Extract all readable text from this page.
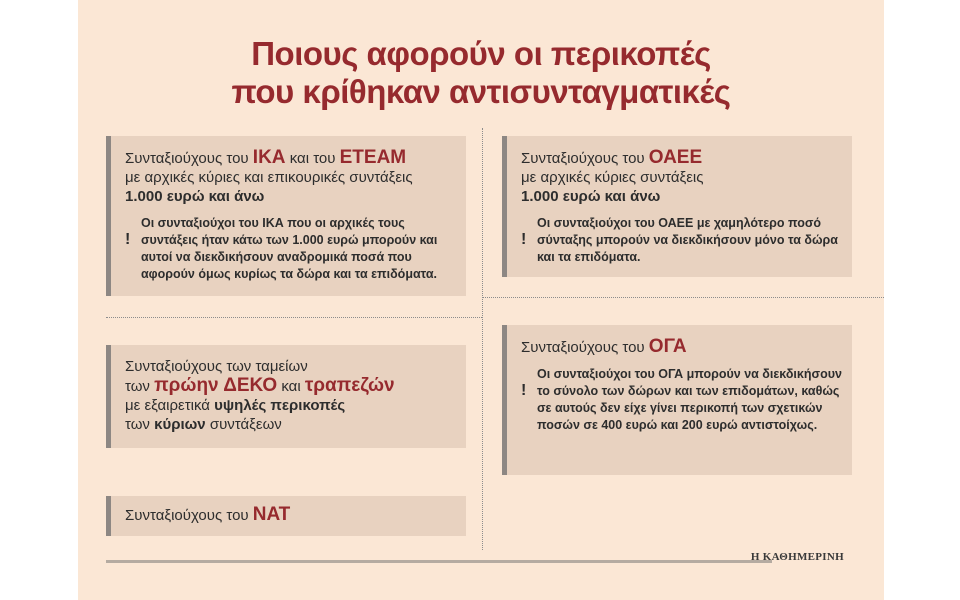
Ποιους αφορούν οι περικοπές
που κρίθηκαν αντισυνταγματικές
Συνταξιούχους του ΙΚΑ και του ΕΤΕΑΜ
με αρχικές κύριες και επικουρικές συντάξεις
1.000 ευρώ και άνω
!
Οι συνταξιούχοι του ΙΚΑ που οι αρχικές τους συντάξεις ήταν κάτω των 1.000 ευρώ μπορούν και αυτοί να διεκδικήσουν αναδρομικά ποσά που αφορούν όμως κυρίως τα δώρα και τα επιδόματα.
Συνταξιούχους του ΟΑΕΕ
με αρχικές κύριες συντάξεις
1.000 ευρώ και άνω
!
Οι συνταξιούχοι του ΟΑΕΕ με χαμηλότερο ποσό σύνταξης μπορούν να διεκδικήσουν μόνο τα δώρα και τα επιδόματα.
Συνταξιούχους των ταμείων
των πρώην ΔΕΚΟ και τραπεζών
με εξαιρετικά υψηλές περικοπές
των κύριων συντάξεων
Συνταξιούχους του ΟΓΑ
!
Οι συνταξιούχοι του ΟΓΑ μπορούν να διεκδικήσουν το σύνολο των δώρων και των επιδομάτων, καθώς σε αυτούς δεν είχε γίνει περικοπή των σχετικών ποσών σε 400 ευρώ και 200 ευρώ αντιστοίχως.
Συνταξιούχους του ΝΑΤ
Η ΚΑΘΗΜΕΡΙΝΗ
